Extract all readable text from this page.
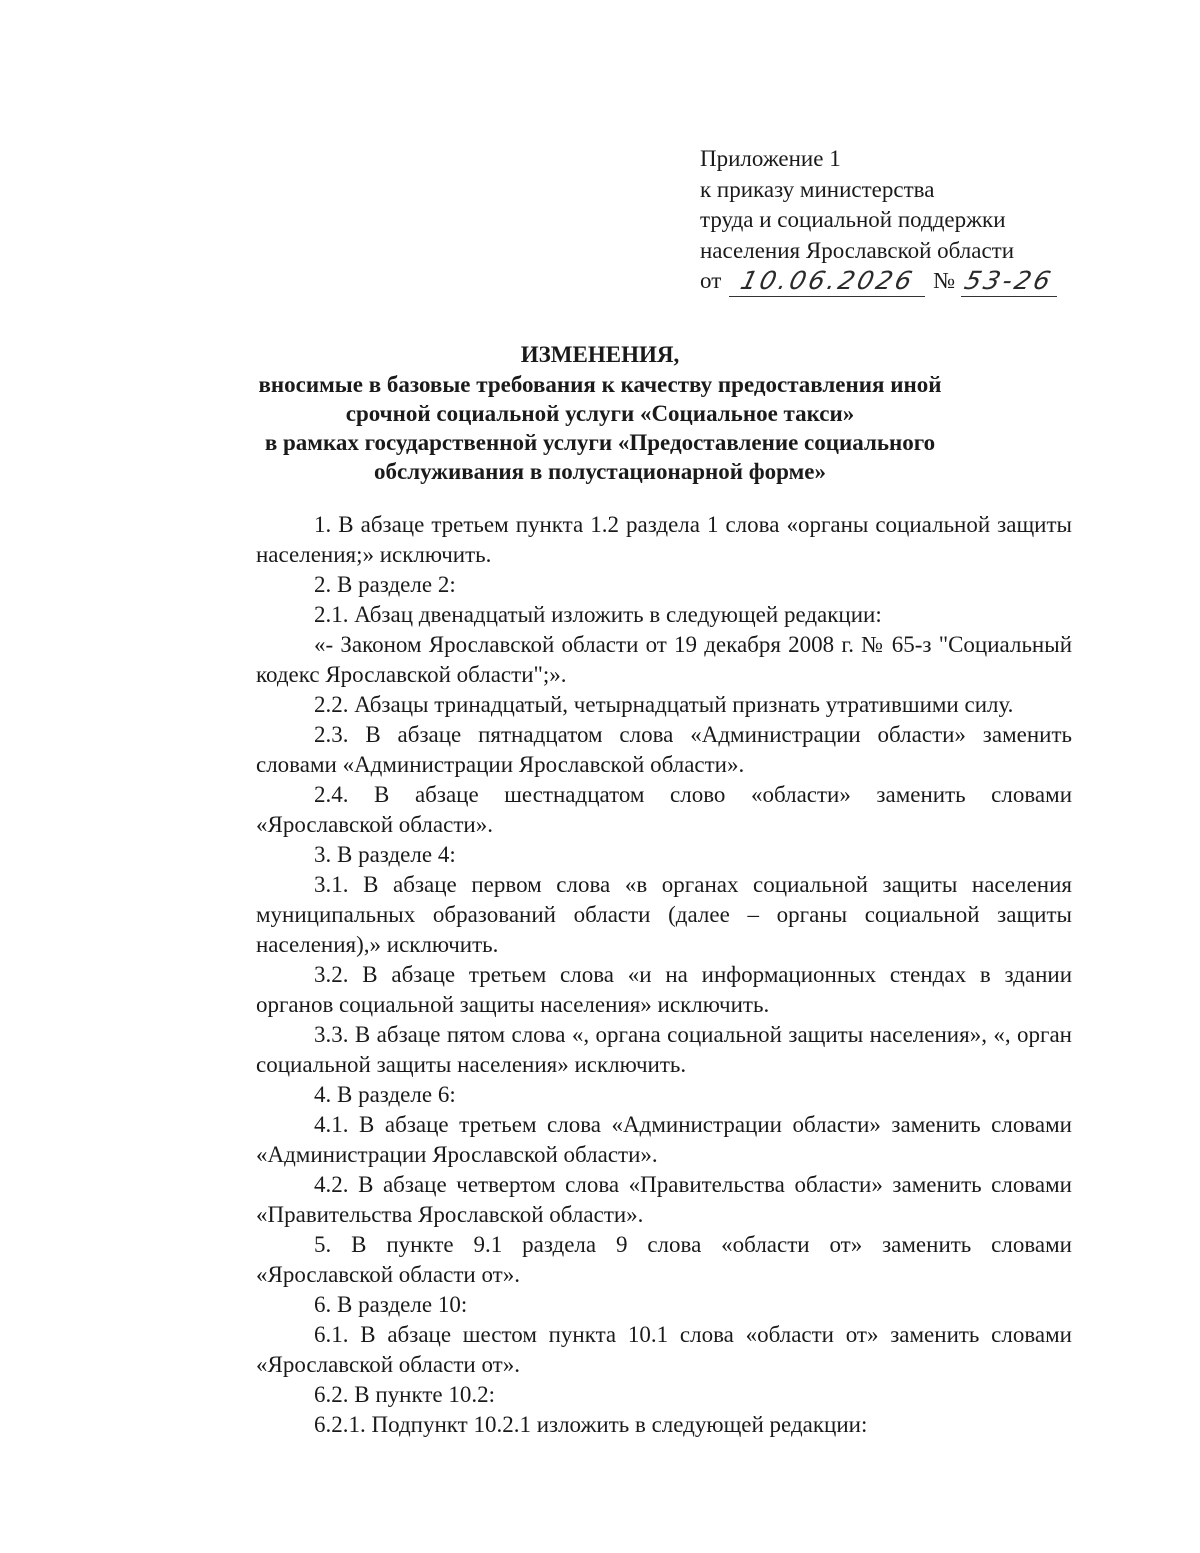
Приложение 1
к приказу министерства
труда и социальной поддержки
населения Ярославской области
от 10.06.2026 № 53-26
ИЗМЕНЕНИЯ,
вносимые в базовые требования к качеству предоставления иной
срочной социальной услуги «Социальное такси»
в рамках государственной услуги «Предоставление социального
обслуживания в полустационарной форме»

1. В абзаце третьем пункта 1.2 раздела 1 слова «органы социальной защиты населения;» исключить.

2. В разделе 2:

2.1. Абзац двенадцатый изложить в следующей редакции:

«- Законом Ярославской области от 19 декабря 2008 г. № 65-з "Социальный кодекс Ярославской области";».

2.2. Абзацы тринадцатый, четырнадцатый признать утратившими силу.

2.3. В абзаце пятнадцатом слова «Администрации области» заменить словами «Администрации Ярославской области».

2.4. В абзаце шестнадцатом слово «области» заменить словами «Ярославской области».

3. В разделе 4:

3.1. В абзаце первом слова «в органах социальной защиты населения муниципальных образований области (далее – органы социальной защиты населения),» исключить.

3.2. В абзаце третьем слова «и на информационных стендах в здании органов социальной защиты населения» исключить.

3.3. В абзаце пятом слова «, органа социальной защиты населения», «, орган социальной защиты населения» исключить.

4. В разделе 6:

4.1. В абзаце третьем слова «Администрации области» заменить словами «Администрации Ярославской области».

4.2. В абзаце четвертом слова «Правительства области» заменить словами «Правительства Ярославской области».

5. В пункте 9.1 раздела 9 слова «области от» заменить словами «Ярославской области от».

6. В разделе 10:

6.1. В абзаце шестом пункта 10.1 слова «области от» заменить словами «Ярославской области от».

6.2. В пункте 10.2:

6.2.1. Подпункт 10.2.1 изложить в следующей редакции:
